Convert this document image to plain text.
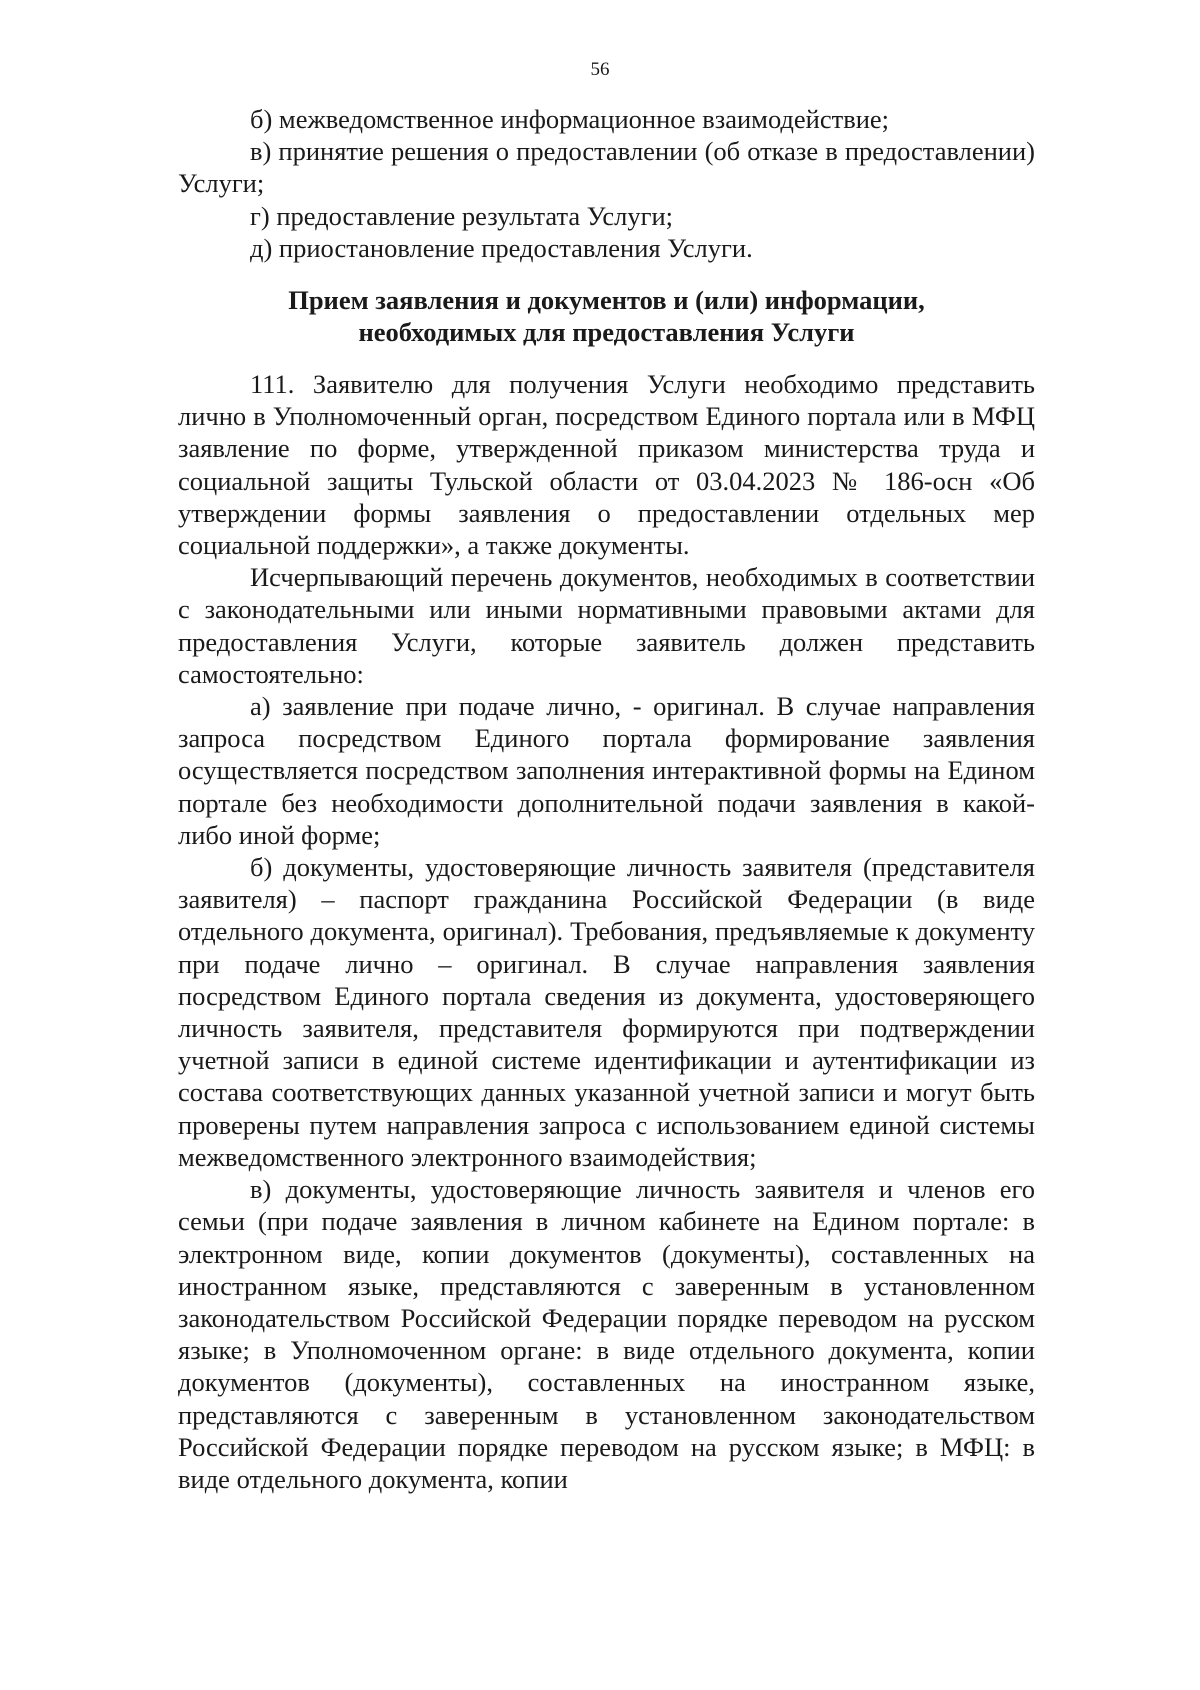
56

б) межведомственное информационное взаимодействие;

в) принятие решения о предоставлении (об отказе в предоставлении) Услуги;

г) предоставление результата Услуги;

д) приостановление предоставления Услуги.

Прием заявления и документов и (или) информации,
необходимых для предоставления Услуги

111. Заявителю для получения Услуги необходимо представить лично в Уполномоченный орган, посредством Единого портала или в МФЦ заявление по форме, утвержденной приказом министерства труда и социальной защиты Тульской области от 03.04.2023 № 186-осн «Об утверждении формы заявления о предоставлении отдельных мер социальной поддержки», а также документы.

Исчерпывающий перечень документов, необходимых в соответствии с законодательными или иными нормативными правовыми актами для предоставления Услуги, которые заявитель должен представить самостоятельно:

а) заявление при подаче лично, - оригинал. В случае направления запроса посредством Единого портала формирование заявления осуществляется посредством заполнения интерактивной формы на Едином портале без необходимости дополнительной подачи заявления в какой-либо иной форме;

б) документы, удостоверяющие личность заявителя (представителя заявителя) – паспорт гражданина Российской Федерации (в виде отдельного документа, оригинал). Требования, предъявляемые к документу при подаче лично – оригинал. В случае направления заявления посредством Единого портала сведения из документа, удостоверяющего личность заявителя, представителя формируются при подтверждении учетной записи в единой системе идентификации и аутентификации из состава соответствующих данных указанной учетной записи и могут быть проверены путем направления запроса с использованием единой системы межведомственного электронного взаимодействия;

в) документы, удостоверяющие личность заявителя и членов его семьи (при подаче заявления в личном кабинете на Едином портале: в электронном виде, копии документов (документы), составленных на иностранном языке, представляются с заверенным в установленном законодательством Российской Федерации порядке переводом на русском языке; в Уполномоченном органе: в виде отдельного документа, копии документов (документы), составленных на иностранном языке, представляются с заверенным в установленном законодательством Российской Федерации порядке переводом на русском языке; в МФЦ: в виде отдельного документа, копии
